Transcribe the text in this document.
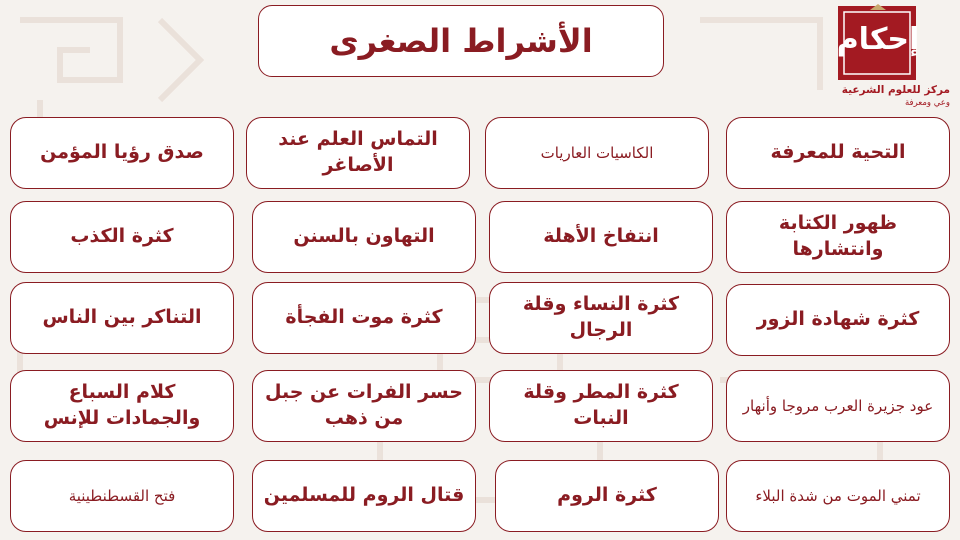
الأشراط الصغرى	إحكام
مركز للعلوم الشرعية
وعي ومعرفة
التحية للمعرفة
الكاسيات العاريات
التماس العلم عند الأصاغر
صدق رؤيا المؤمن
ظهور الكتابة وانتشارها
انتفاخ الأهلة
التهاون بالسنن
كثرة الكذب
كثرة شهادة الزور
كثرة النساء وقلة الرجال
كثرة موت الفجأة
التناكر بين الناس
عود جزيرة العرب مروجا وأنهار
كثرة المطر وقلة النبات
حسر الفرات عن جبل من ذهب
كلام السباع والجمادات للإنس
تمني الموت من شدة البلاء
كثرة الروم
قتال الروم للمسلمين
فتح القسطنطينية
